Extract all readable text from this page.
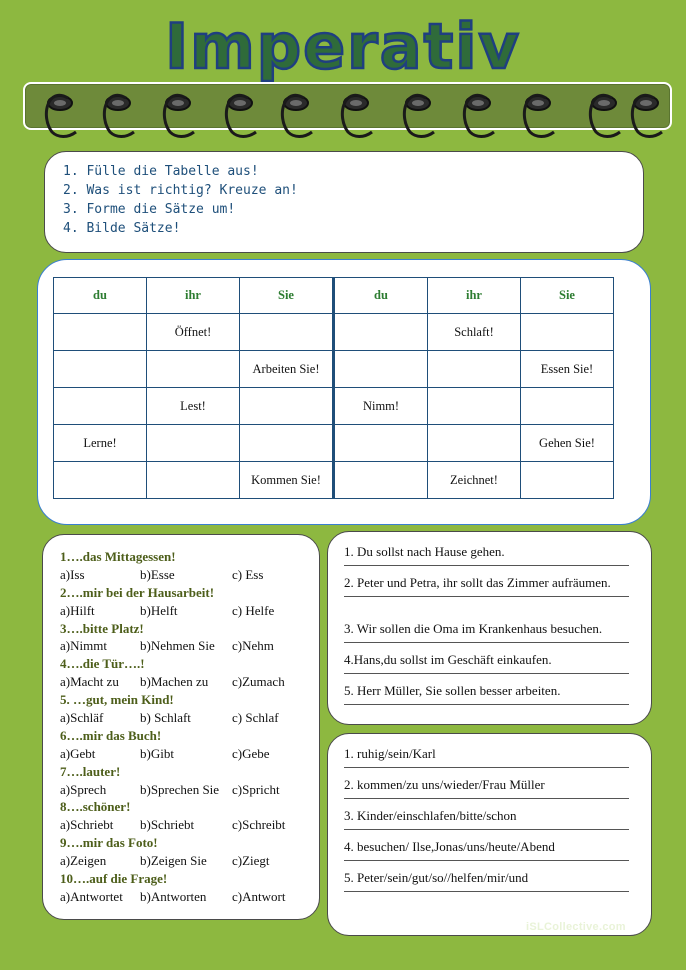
Imperativ
1. Fülle die Tabelle aus!
2. Was ist richtig? Kreuze an!
3. Forme die Sätze um!
4. Bilde Sätze!
du	ihr	Sie	du	ihr	Sie
	Öffnet!			Schlaft!	
		Arbeiten Sie!			Essen Sie!
	Lest!		Nimm!		
Lerne!					Gehen Sie!
		Kommen Sie!		Zeichnet!	
1….das Mittagessen!
a)Iss	b)Esse	c) Ess
2….mir bei der Hausarbeit!
a)Hilft	b)Helft	c) Helfe
3….bitte Platz!
a)Nimmt	b)Nehmen Sie c)Nehm
4….die Tür….!
a)Macht zu b)Machen zu c)Zumach
5. …gut, mein Kind!
a)Schläf	b) Schlaft	c) Schlaf
6….mir das Buch!
a)Gebt	b)Gibt	c)Gebe
7….lauter!
a)Sprech	b)Sprechen Sie c)Spricht
8….schöner!
a)Schriebt b)Schriebt	c)Schreibt
9….mir das Foto!
a)Zeigen	b)Zeigen Sie c)Ziegt
10….auf die Frage!
a)Antwortet b)Antworten c)Antwort
1. Du sollst nach Hause gehen.
2. Peter und Petra, ihr sollt das Zimmer aufräumen.
3. Wir sollen die Oma im Krankenhaus besuchen.
4.Hans,du sollst im Geschäft einkaufen.
5. Herr Müller, Sie sollen besser arbeiten.
1. ruhig/sein/Karl
2. kommen/zu uns/wieder/Frau Müller
3. Kinder/einschlafen/bitte/schon
4. besuchen/ Ilse,Jonas/uns/heute/Abend
5. Peter/sein/gut/so//helfen/mir/und
iSLCollective.com
